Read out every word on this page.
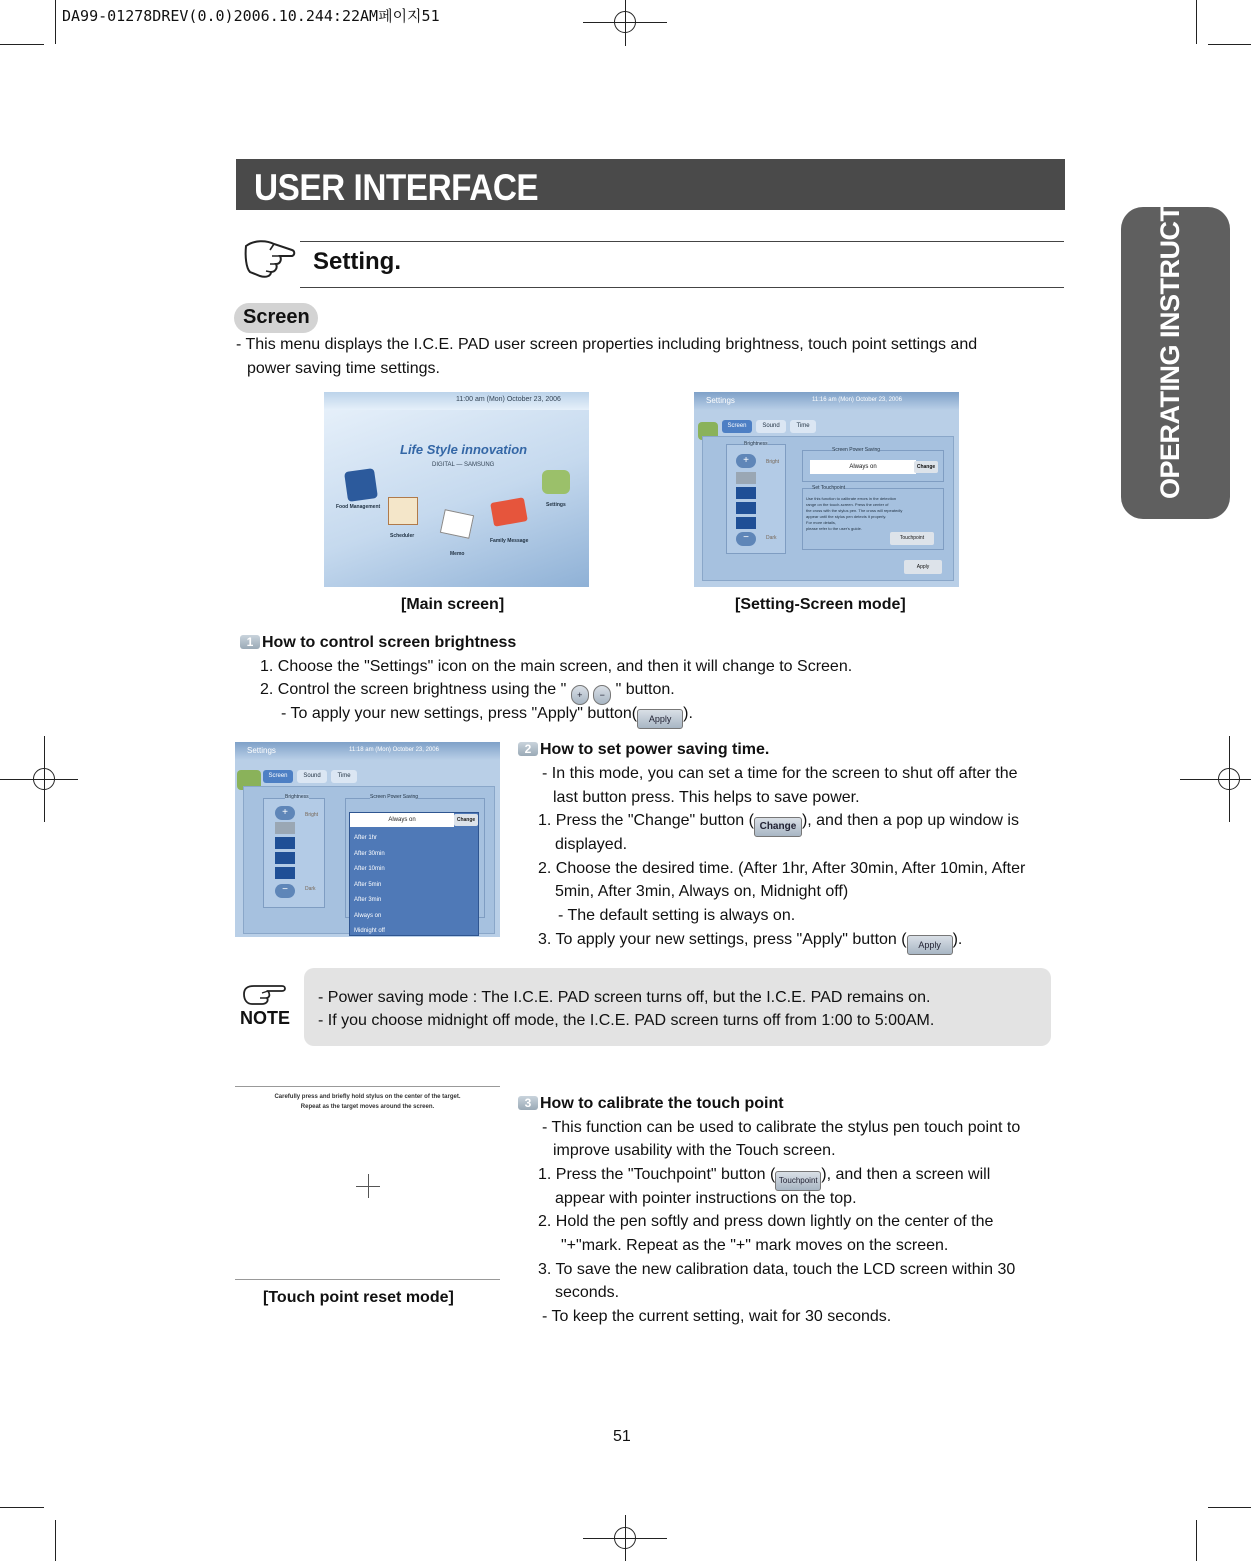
DA99-01278DREV(0.0)2006.10.244:22AM페이지51
USER INTERFACE	OPERATING INSTRUCTIONS
Setting.
Screen
- This menu displays the I.C.E. PAD user screen properties including brightness, touch point settings and
power saving time settings.
11:00 am (Mon) October 23, 2006
Life Style innovation
DIGITAL — SAMSUNG
Food Management
Scheduler
Memo
Family Message
Settings
[Main screen]
Settings	11:16 am (Mon) October 23, 2006
Screen	Sound	Time
Brightness
+
−
Bright
Dark
Screen Power Saving
Always on	Change
Set Touchpoint
Use this function to calibrate errors in the detection
range on the touch-screen. Press the center of
the cross with the stylus pen. The cross will repeatedly
appear until the stylus pen detects it properly.
For more details,
please refer to the user's guide.
Touchpoint
Apply
[Setting-Screen mode]
1 How to control screen brightness
1. Choose the "Settings" icon on the main screen, and then it will change to Screen.
2. Control the screen brightness using the " + − " button.
- To apply your new settings, press "Apply" button( Apply ).
Settings	11:18 am (Mon) October 23, 2006
Screen	Sound	Time
Brightness
+
−
Bright
Dark
Screen Power Saving
Always on	Change
After 1hr
After 30min
After 10min
After 5min
After 3min
Always on
Midnight off
2 How to set power saving time.
- In this mode, you can set a time for the screen to shut off after the
last button press. This helps to save power.
1. Press the "Change" button ( Change ), and then a pop up window is
displayed.
2. Choose the desired time. (After 1hr, After 30min, After 10min, After
5min, After 3min, Always on, Midnight off)
- The default setting is always on.
3. To apply your new settings, press "Apply" button ( Apply ).
NOTE
- Power saving mode : The I.C.E. PAD screen turns off, but the I.C.E. PAD remains on.
- If you choose midnight off mode, the I.C.E. PAD screen turns off from 1:00 to 5:00AM.
Carefully press and briefly hold stylus on the center of the target.
Repeat as the target moves around the screen.
[Touch point reset mode]
3 How to calibrate the touch point
- This function can be used to calibrate the stylus pen touch point to
improve usability with the Touch screen.
1. Press the "Touchpoint" button ( Touchpoint ), and then a screen will
appear with pointer instructions on the top.
2. Hold the pen softly and press down lightly on the center of the
"+"mark. Repeat as the "+" mark moves on the screen.
3. To save the new calibration data, touch the LCD screen within 30
seconds.
- To keep the current setting, wait for 30 seconds.
51
